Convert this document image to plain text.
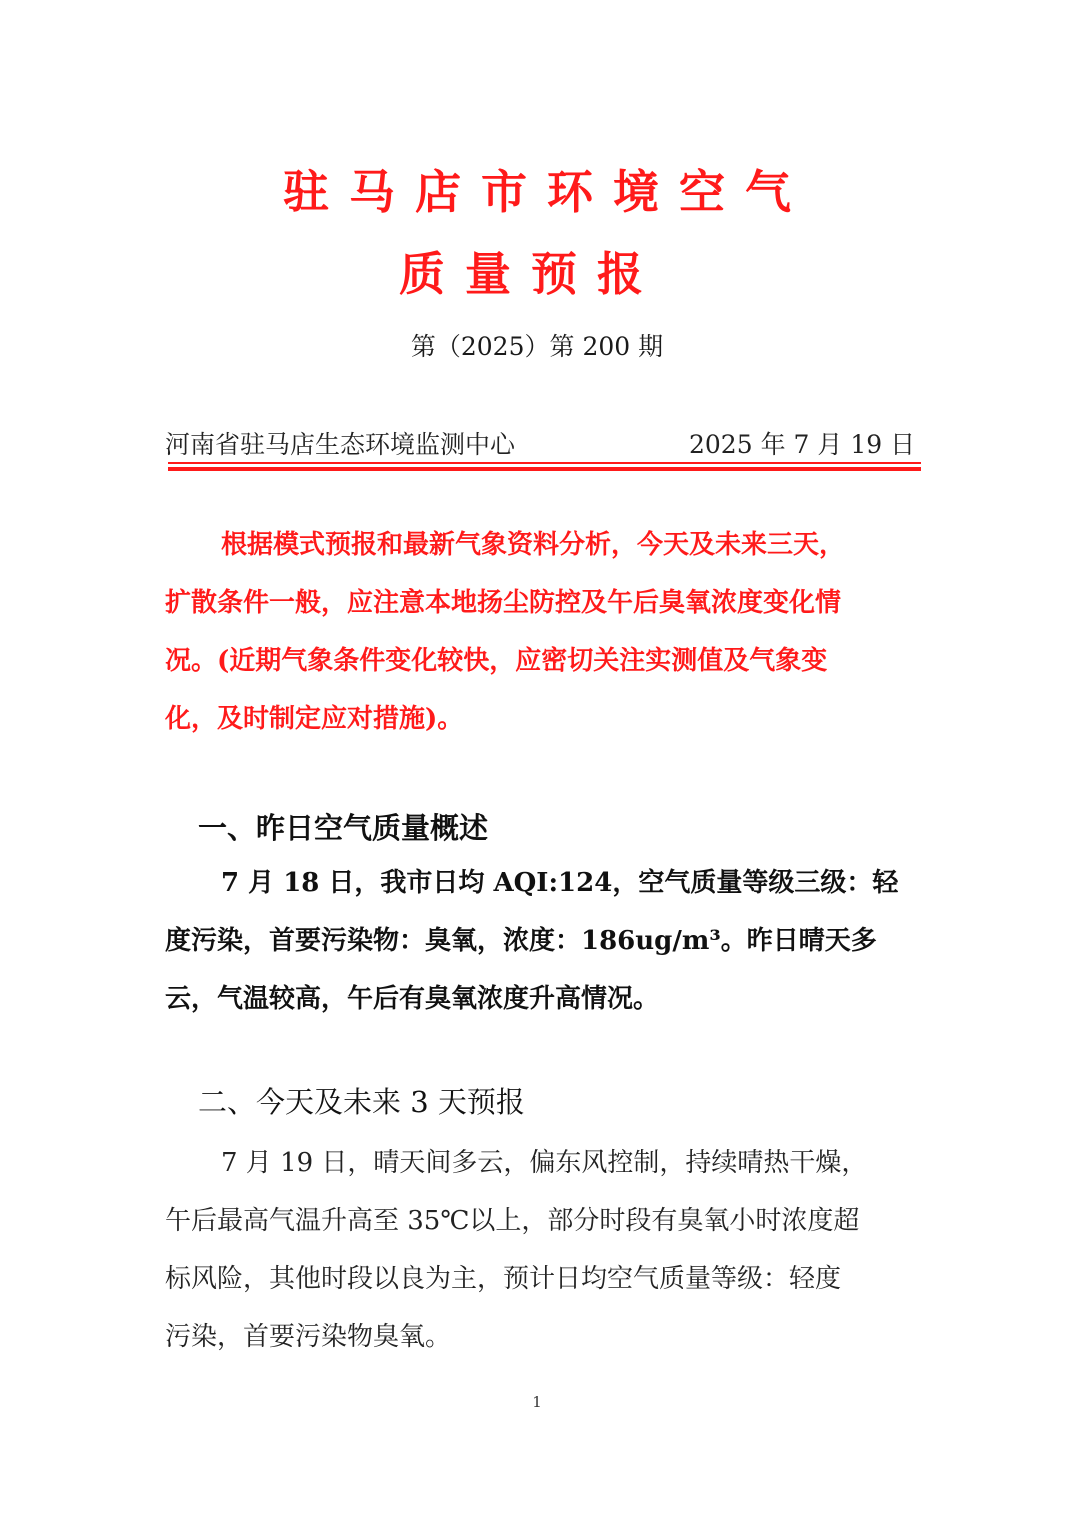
驻马店市环境空气
质量预报
第（2025）第 200 期
河南省驻马店生态环境监测中心	2025 年 7 月 19 日
根据模式预报和最新气象资料分析，今天及未来三天，
扩散条件一般，应注意本地扬尘防控及午后臭氧浓度变化情
况。(近期气象条件变化较快，应密切关注实测值及气象变
化，及时制定应对措施)。
一、昨日空气质量概述
7 月 18 日，我市日均 AQI:124，空气质量等级三级：轻
度污染，首要污染物：臭氧，浓度：186ug/m³。昨日晴天多
云，气温较高，午后有臭氧浓度升高情况。
二、今天及未来 3 天预报
7 月 19 日，晴天间多云，偏东风控制，持续晴热干燥，
午后最高气温升高至 35℃以上，部分时段有臭氧小时浓度超
标风险，其他时段以良为主，预计日均空气质量等级：轻度
污染，首要污染物臭氧。
1
